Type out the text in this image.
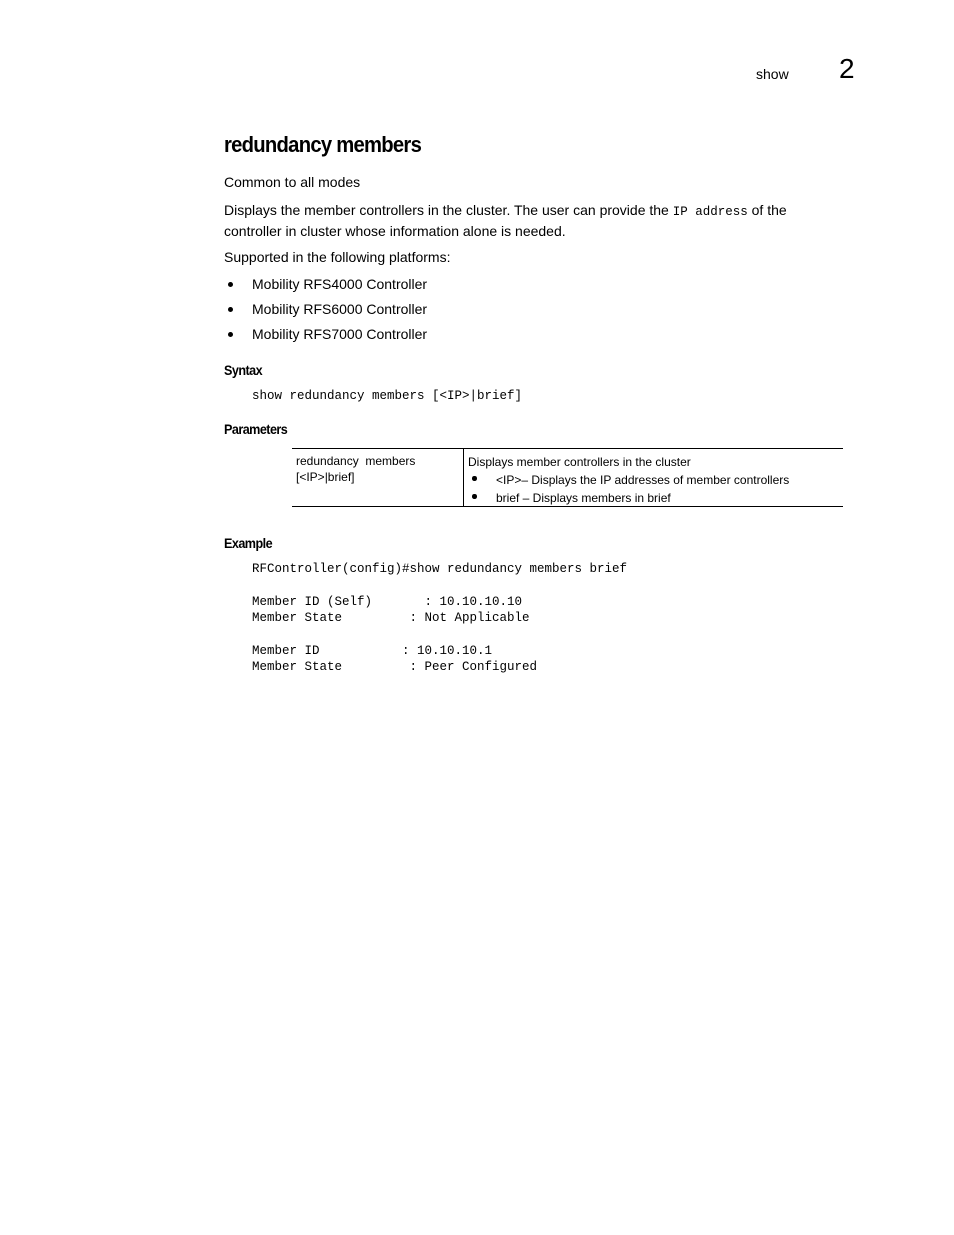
show 2
redundancy members
Common to all modes
Displays the member controllers in the cluster. The user can provide the IP address of the controller in cluster whose information alone is needed.
Supported in the following platforms:
Mobility RFS4000 Controller
Mobility RFS6000 Controller
Mobility RFS7000 Controller
Syntax
show redundancy members [<IP>|brief]
Parameters
redundancy  members
[<IP>|brief]
Displays member controllers in the cluster
<IP>– Displays the IP addresses of member controllers
brief – Displays members in brief
Example
RFController(config)#show redundancy members brief
Member ID (Self)       : 10.10.10.10
Member State         : Not Applicable
Member ID           : 10.10.10.1
Member State         : Peer Configured
